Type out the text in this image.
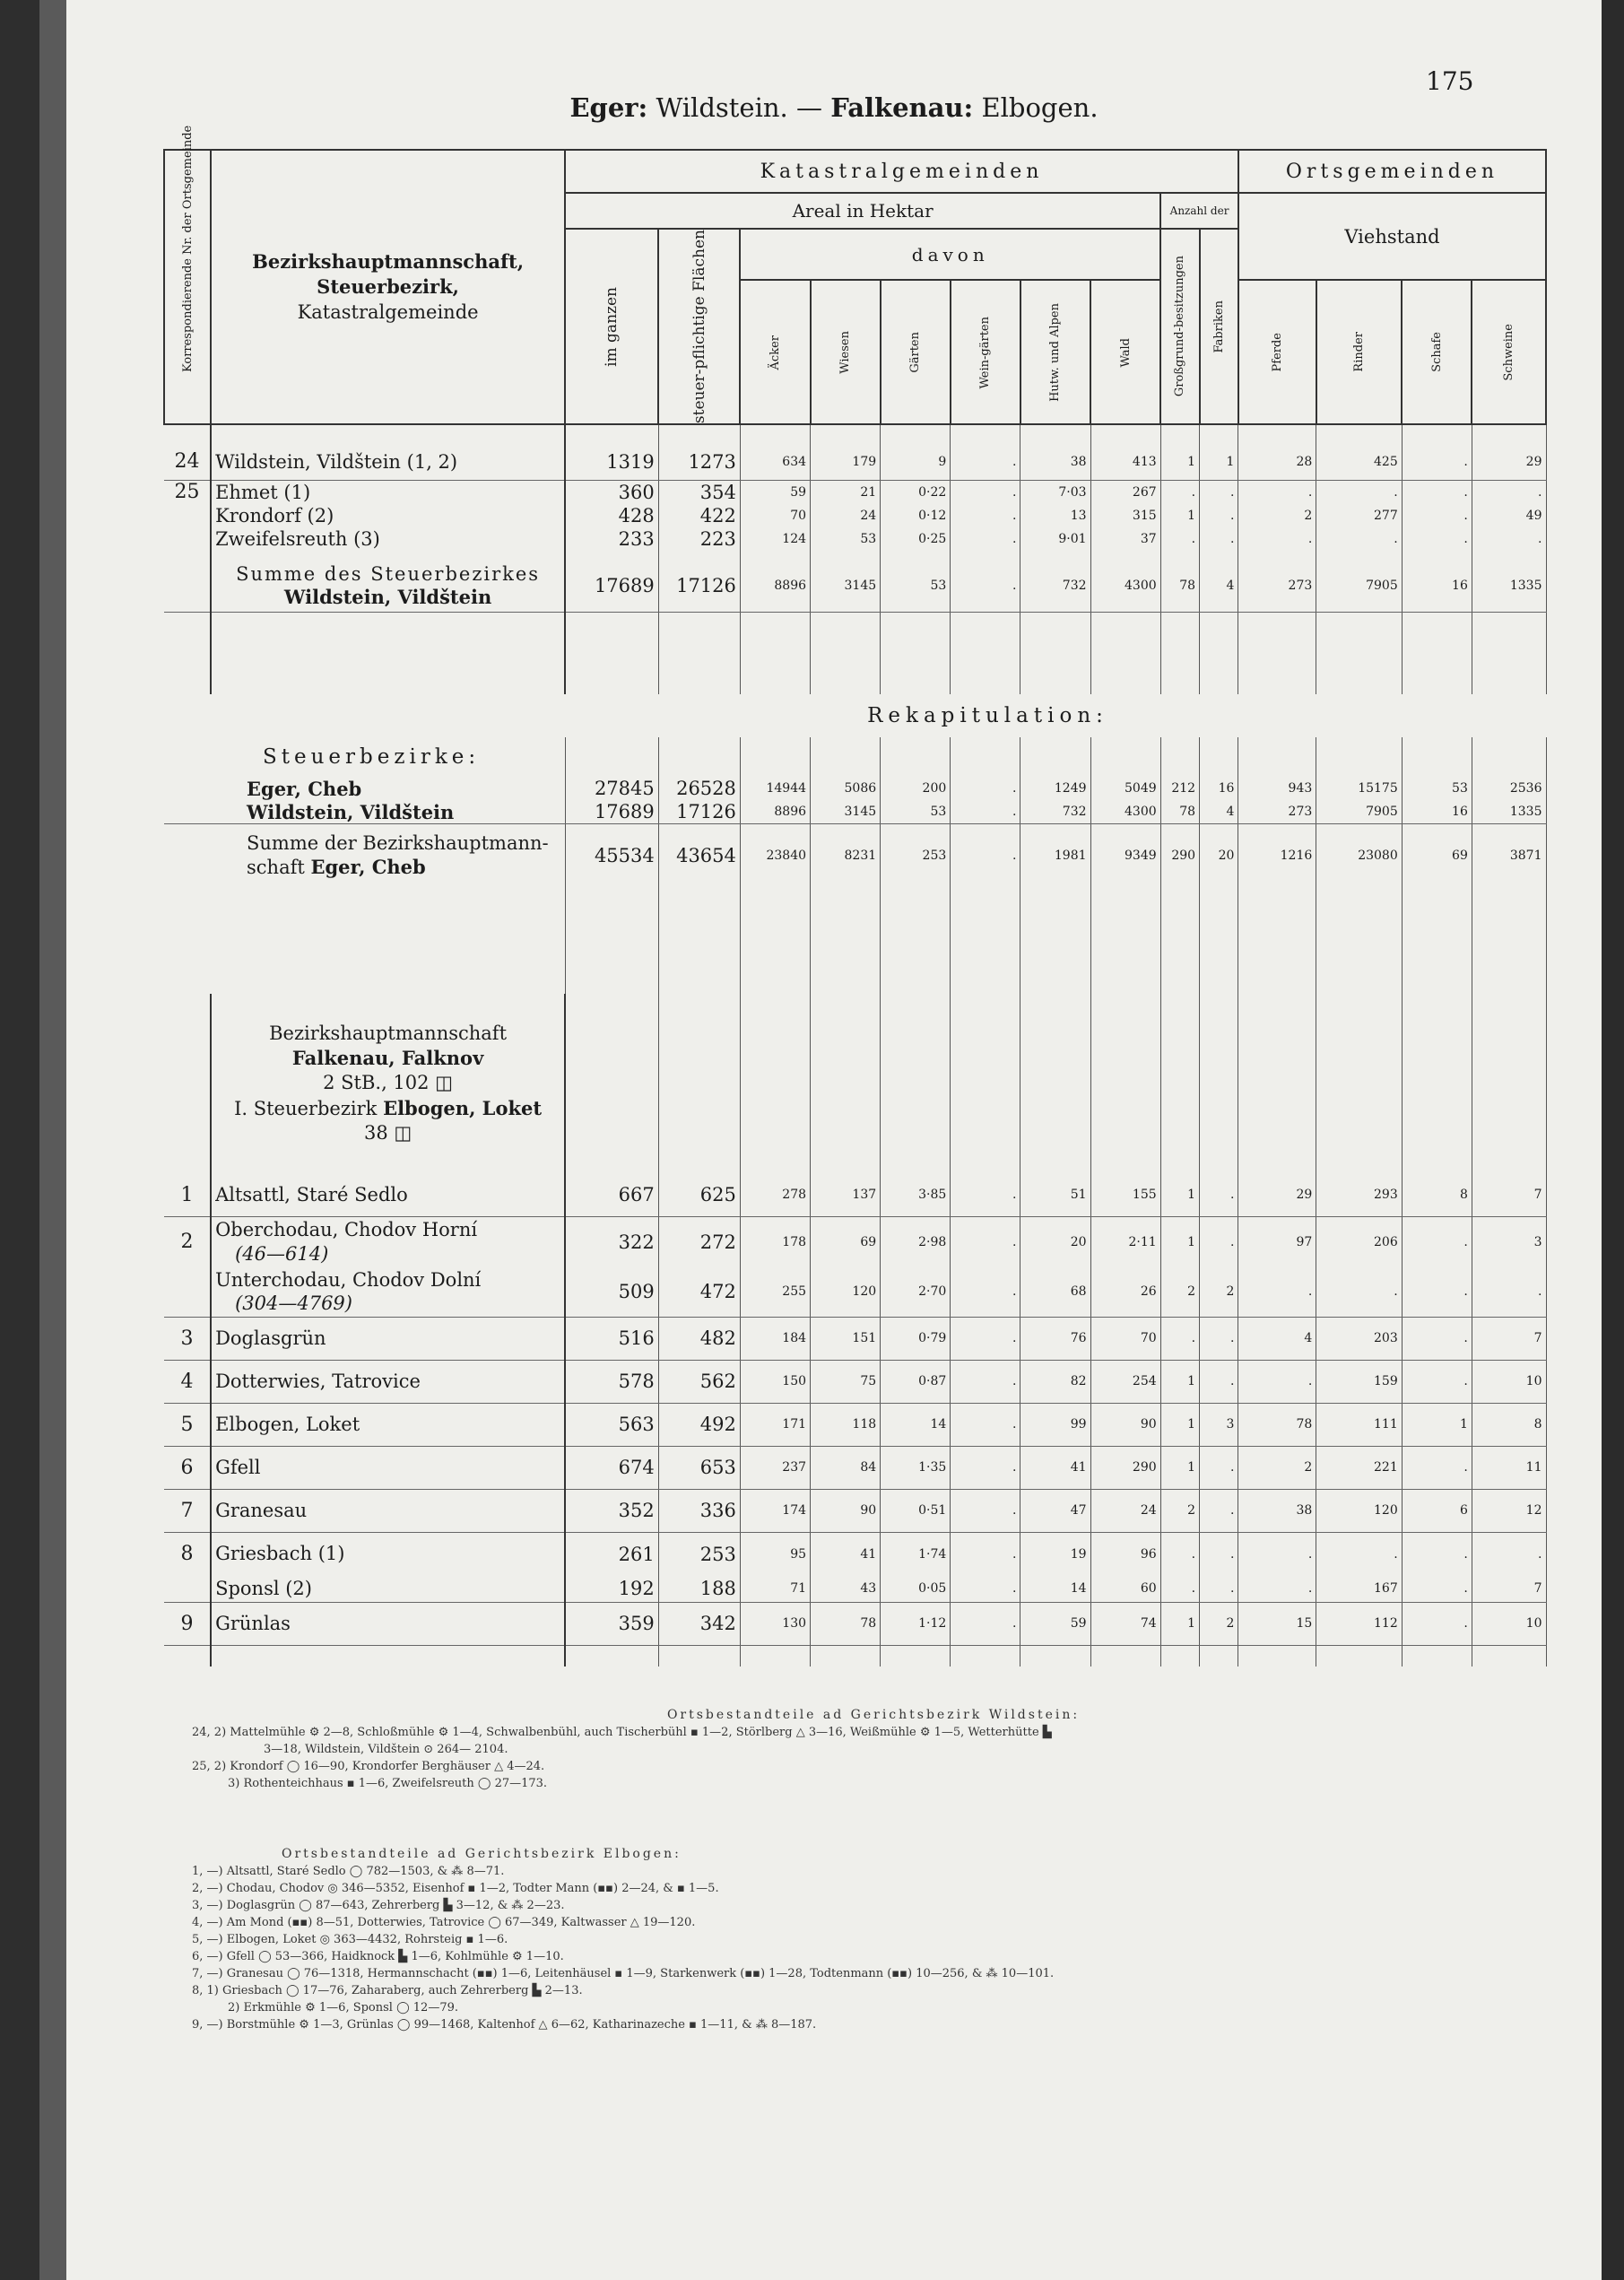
175
Eger: Wildstein. — Falkenau: Elbogen.
Korrespondierende Nr. der Ortsgemeinde	Bezirkshauptmannschaft,
Steuerbezirk,
Katastralgemeinde	Katastralgemeinden										Ortsgemeinden			
		Areal in Hektar								Anzahl der		Viehstand			

		im ganzen	steuer-pflichtige Flächen	davon						Großgrund-besitzungen	Fabriken				

				Äcker	Wiesen	Gärten	Wein-gärten	Hutw. und Alpen	Wald			Pferde	Rinder	Schafe	Schweine

24	Wildstein, Vildštein (1, 2)	1319	1273	634	179	9	.	38	413	1	1	28	425	.	29
25	Ehmet (1)	360	354	59	21	0·22	.	7·03	267	.	.	.	.	.	.
	Krondorf (2)	428	422	70	24	0·12	.	13	315	1	.	2	277	.	49
	Zweifelsreuth (3)	233	223	124	53	0·25	.	9·01	37	.	.	.	.	.	.

	Summe des Steuerbezirkes
Wildstein, Vildštein	17689	17126	8896	3145	53	.	732	4300	78	4	273	7905	16	1335

Rekapitulation:															
Steuerbezirke:															
Eger, Cheb		27845	26528	14944	5086	200	.	1249	5049	212	16	943	15175	53	2536
Wildstein, Vildštein		17689	17126	8896	3145	53	.	732	4300	78	4	273	7905	16	1335

Summe der Bezirkshauptmann-
schaft Eger, Cheb		45534	43654	23840	8231	253	.	1981	9349	290	20	1216	23080	69	3871

	Bezirkshauptmannschaft
Falkenau, Falknov
2 StB., 102 ◫
I. Steuerbezirk Elbogen, Loket
38 ◫														

1	Altsattl, Staré Sedlo	667	625	278	137	3·85	.	51	155	1	.	29	293	8	7
2	Oberchodau, Chodov Horní
(46—614)	322	272	178	69	2·98	.	20	2·11	1	.	97	206	.	3

	Unterchodau, Chodov Dolní
(304—4769)	509	472	255	120	2·70	.	68	26	2	2	.	.	.	.
3	Doglasgrün	516	482	184	151	0·79	.	76	70	.	.	4	203	.	7
4	Dotterwies, Tatrovice	578	562	150	75	0·87	.	82	254	1	.	.	159	.	10
5	Elbogen, Loket	563	492	171	118	14	.	99	90	1	3	78	111	1	8
6	Gfell	674	653	237	84	1·35	.	41	290	1	.	2	221	.	11
7	Granesau	352	336	174	90	0·51	.	47	24	2	.	38	120	6	12
8	Griesbach (1)	261	253	95	41	1·74	.	19	96	.	.	.	.	.	.

	Sponsl (2)	192	188	71	43	0·05	.	14	60	.	.	.	167	.	7
9	Grünlas	359	342	130	78	1·12	.	59	74	1	2	15	112	.	10

Ortsbestandteile ad Gerichtsbezirk Wildstein:
24, 2) Mattelmühle ⚙ 2—8, Schloßmühle ⚙ 1—4, Schwalbenbühl, auch Tischerbühl ▪ 1—2, Störlberg △ 3—16, Weißmühle ⚙ 1—5, Wetterhütte ▙
3—18, Wildstein, Vildštein ⊙ 264— 2104.
25, 2) Krondorf ◯ 16—90, Krondorfer Berghäuser △ 4—24.
3) Rothenteichhaus ▪ 1—6, Zweifelsreuth ◯ 27—173.
Ortsbestandteile ad Gerichtsbezirk Elbogen:
1, —) Altsattl, Staré Sedlo ◯ 782—1503, & ⁂ 8—71.
2, —) Chodau, Chodov ◎ 346—5352, Eisenhof ▪ 1—2, Todter Mann (▪▪) 2—24, & ▪ 1—5.
3, —) Doglasgrün ◯ 87—643, Zehrerberg ▙ 3—12, & ⁂ 2—23.
4, —) Am Mond (▪▪) 8—51, Dotterwies, Tatrovice ◯ 67—349, Kaltwasser △ 19—120.
5, —) Elbogen, Loket ◎ 363—4432, Rohrsteig ▪ 1—6.
6, —) Gfell ◯ 53—366, Haidknock ▙ 1—6, Kohlmühle ⚙ 1—10.
7, —) Granesau ◯ 76—1318, Hermannschacht (▪▪) 1—6, Leitenhäusel ▪ 1—9, Starkenwerk (▪▪) 1—28, Todtenmann (▪▪) 10—256, & ⁂ 10—101.
8, 1) Griesbach ◯ 17—76, Zaharaberg, auch Zehrerberg ▙ 2—13.
2) Erkmühle ⚙ 1—6, Sponsl ◯ 12—79.
9, —) Borstmühle ⚙ 1—3, Grünlas ◯ 99—1468, Kaltenhof △ 6—62, Katharinazeche ▪ 1—11, & ⁂ 8—187.
